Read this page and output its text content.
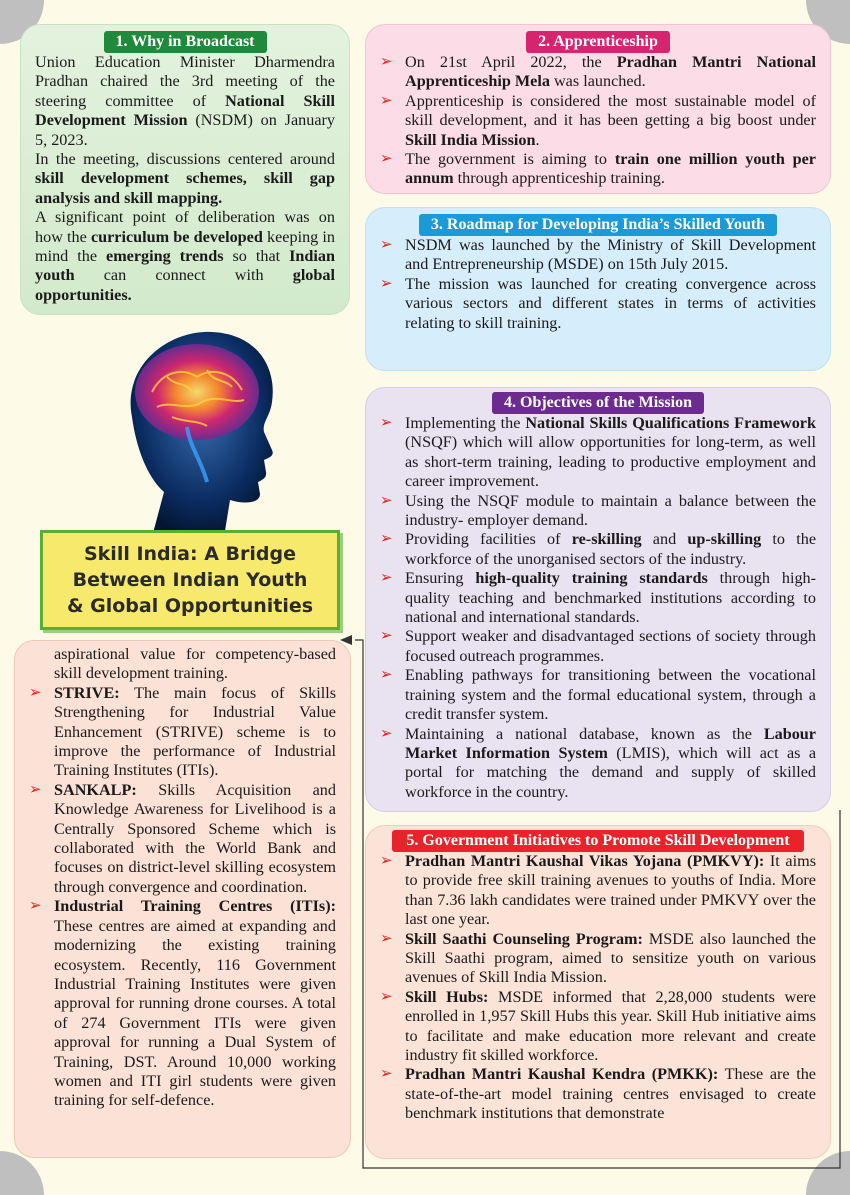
1. Why in Broadcast

Union Education Minister Dharmendra Pradhan chaired the 3rd meeting of the steering committee of National Skill Development Mission (NSDM) on January 5, 2023.

In the meeting, discussions centered around skill development schemes, skill gap analysis and skill mapping.

A significant point of deliberation was on how the curriculum be developed keeping in mind the emerging trends so that Indian youth can connect with global opportunities.

2. Apprenticeship
➢ On 21st April 2022, the Pradhan Mantri National Apprenticeship Mela was launched.
➢ Apprenticeship is considered the most sustainable model of skill development, and it has been getting a big boost under Skill India Mission.
➢ The government is aiming to train one million youth per annum through apprenticeship training.
3. Roadmap for Developing India’s Skilled Youth
➢ NSDM was launched by the Ministry of Skill Development and Entrepreneurship (MSDE) on 15th July 2015.
➢ The mission was launched for creating convergence across various sectors and different states in terms of activities relating to skill training.
4. Objectives of the Mission
➢ Implementing the National Skills Qualifications Framework (NSQF) which will allow opportunities for long-term, as well as short-term training, leading to productive employment and career improvement.
➢ Using the NSQF module to maintain a balance between the industry- employer demand.
➢ Providing facilities of re-skilling and up-skilling to the workforce of the unorganised sectors of the industry.
➢ Ensuring high-quality training standards through high-quality teaching and benchmarked institutions according to national and international standards.
➢ Support weaker and disadvantaged sections of society through focused outreach programmes.
➢ Enabling pathways for transitioning between the vocational training system and the formal educational system, through a credit transfer system.
➢ Maintaining a national database, known as the Labour Market Information System (LMIS), which will act as a portal for matching the demand and supply of skilled workforce in the country.
5. Government Initiatives to Promote Skill Development
➢ Pradhan Mantri Kaushal Vikas Yojana (PMKVY): It aims to provide free skill training avenues to youths of India. More than 7.36 lakh candidates were trained under PMKVY over the last one year.
➢ Skill Saathi Counseling Program: MSDE also launched the Skill Saathi program, aimed to sensitize youth on various avenues of Skill India Mission.
➢ Skill Hubs: MSDE informed that 2,28,000 students were enrolled in 1,957 Skill Hubs this year. Skill Hub initiative aims to facilitate and make education more relevant and create industry fit skilled workforce.
➢ Pradhan Mantri Kaushal Kendra (PMKK): These are the state-of-the-art model training centres envisaged to create benchmark institutions that demonstrate

aspirational value for competency-based skill development training.

➢ STRIVE: The main focus of Skills Strengthening for Industrial Value Enhancement (STRIVE) scheme is to improve the performance of Industrial Training Institutes (ITIs).
➢ SANKALP: Skills Acquisition and Knowledge Awareness for Livelihood is a Centrally Sponsored Scheme which is collaborated with the World Bank and focuses on district-level skilling ecosystem through convergence and coordination.
➢ Industrial Training Centres (ITIs): These centres are aimed at expanding and modernizing the existing training ecosystem. Recently, 116 Government Industrial Training Institutes were given approval for running drone courses. A total of 274 Government ITIs were given approval for running a Dual System of Training, DST. Around 10,000 working women and ITI girl students were given training for self-defence.
Skill India: A Bridge
Between Indian Youth
& Global Opportunities
